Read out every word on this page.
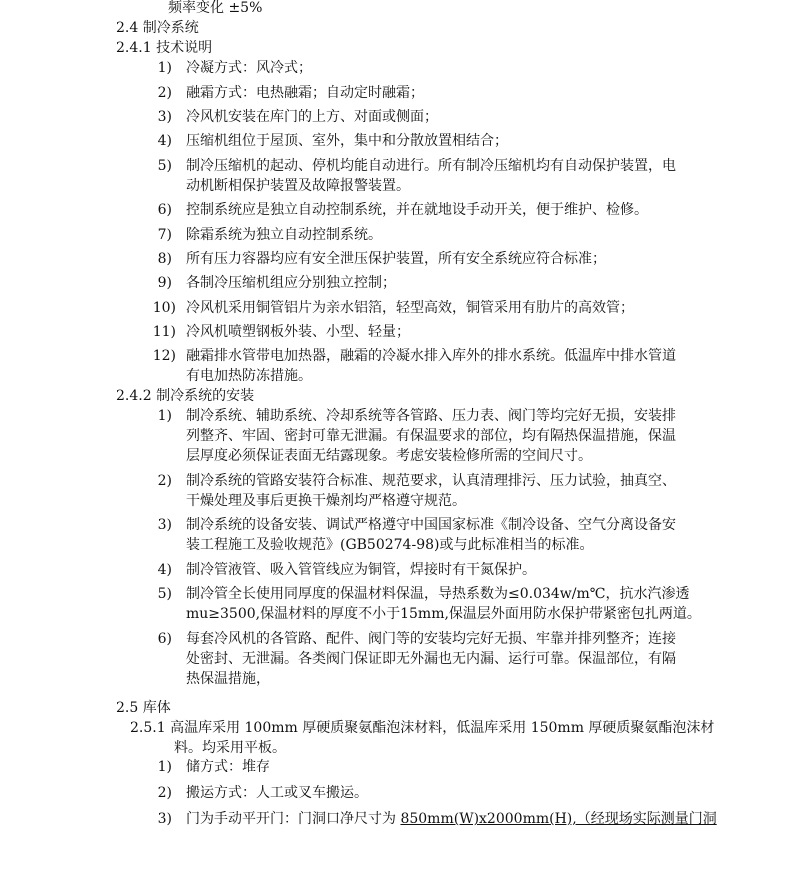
频率变化 ±5%
2.4 制冷系统
2.4.1 技术说明
1) 冷凝方式：风冷式；
2) 融霜方式：电热融霜；自动定时融霜；
3) 冷风机安装在库门的上方、对面或侧面；
4) 压缩机组位于屋顶、室外，集中和分散放置相结合；
5) 制冷压缩机的起动、停机均能自动进行。所有制冷压缩机均有自动保护装置，电
动机断相保护装置及故障报警装置。
6) 控制系统应是独立自动控制系统，并在就地设手动开关，便于维护、检修。
7) 除霜系统为独立自动控制系统。
8) 所有压力容器均应有安全泄压保护装置，所有安全系统应符合标准；
9) 各制冷压缩机组应分别独立控制；
10) 冷风机采用铜管铝片为亲水铝箔，轻型高效，铜管采用有肋片的高效管；
11) 冷风机喷塑钢板外装、小型、轻量；
12) 融霜排水管带电加热器，融霜的冷凝水排入库外的排水系统。低温库中排水管道
有电加热防冻措施。
2.4.2 制冷系统的安装
1) 制冷系统、辅助系统、冷却系统等各管路、压力表、阀门等均完好无损，安装排
列整齐、牢固、密封可靠无泄漏。有保温要求的部位，均有隔热保温措施，保温
层厚度必须保证表面无结露现象。考虑安装检修所需的空间尺寸。
2) 制冷系统的管路安装符合标准、规范要求，认真清理排污、压力试验，抽真空、
干燥处理及事后更换干燥剂均严格遵守规范。
3) 制冷系统的设备安装、调试严格遵守中国国家标准《制冷设备、空气分离设备安
装工程施工及验收规范》(GB50274-98)或与此标准相当的标准。
4) 制冷管液管、吸入管管线应为铜管，焊接时有干氮保护。
5) 制冷管全长使用同厚度的保温材料保温，导热系数为≤0.034w/m℃，抗水汽渗透
mu≥3500,保温材料的厚度不小于15mm,保温层外面用防水保护带紧密包扎两道。
6) 每套冷风机的各管路、配件、阀门等的安装均完好无损、牢靠并排列整齐；连接
处密封、无泄漏。各类阀门保证即无外漏也无内漏、运行可靠。保温部位，有隔
热保温措施，
2.5 库体
2.5.1 高温库采用 100mm 厚硬质聚氨酯泡沫材料，低温库采用 150mm 厚硬质聚氨酯泡沫材
料。均采用平板。
1) 储方式：堆存
2) 搬运方式：人工或叉车搬运。
3) 门为手动平开门：门洞口净尺寸为 850mm(W)x2000mm(H),（经现场实际测量门洞
